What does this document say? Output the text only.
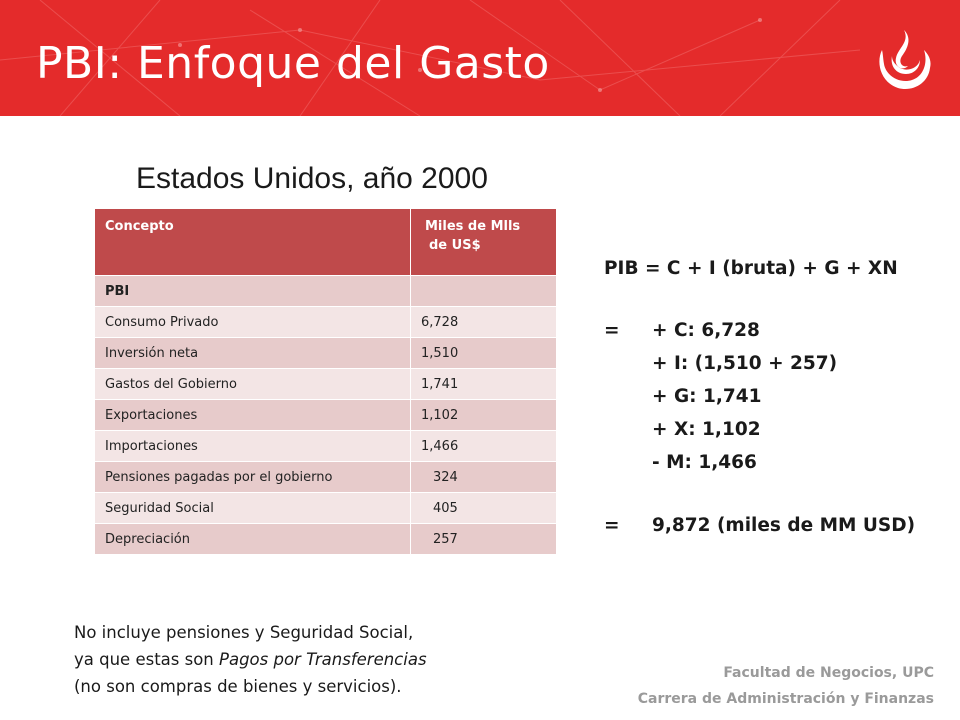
PBI: Enfoque del Gasto
Estados Unidos, año 2000
Concepto	Miles de Mlls
de US$

PBI	
Consumo Privado	6,728
Inversión neta	1,510
Gastos del Gobierno	1,741
Exportaciones	1,102
Importaciones	1,466
Pensiones pagadas por el gobierno	324
Seguridad Social	405
Depreciación	257
PIB = C + I (bruta) + G + XN
= + C: 6,728
+ I: (1,510 + 257)
+ G: 1,741
+ X: 1,102
- M: 1,466
= 9,872 (miles de MM USD)
No incluye pensiones y Seguridad Social,
ya que estas son Pagos por Transferencias
(no son compras de bienes y servicios).
Facultad de Negocios, UPC
Carrera de Administración y Finanzas
